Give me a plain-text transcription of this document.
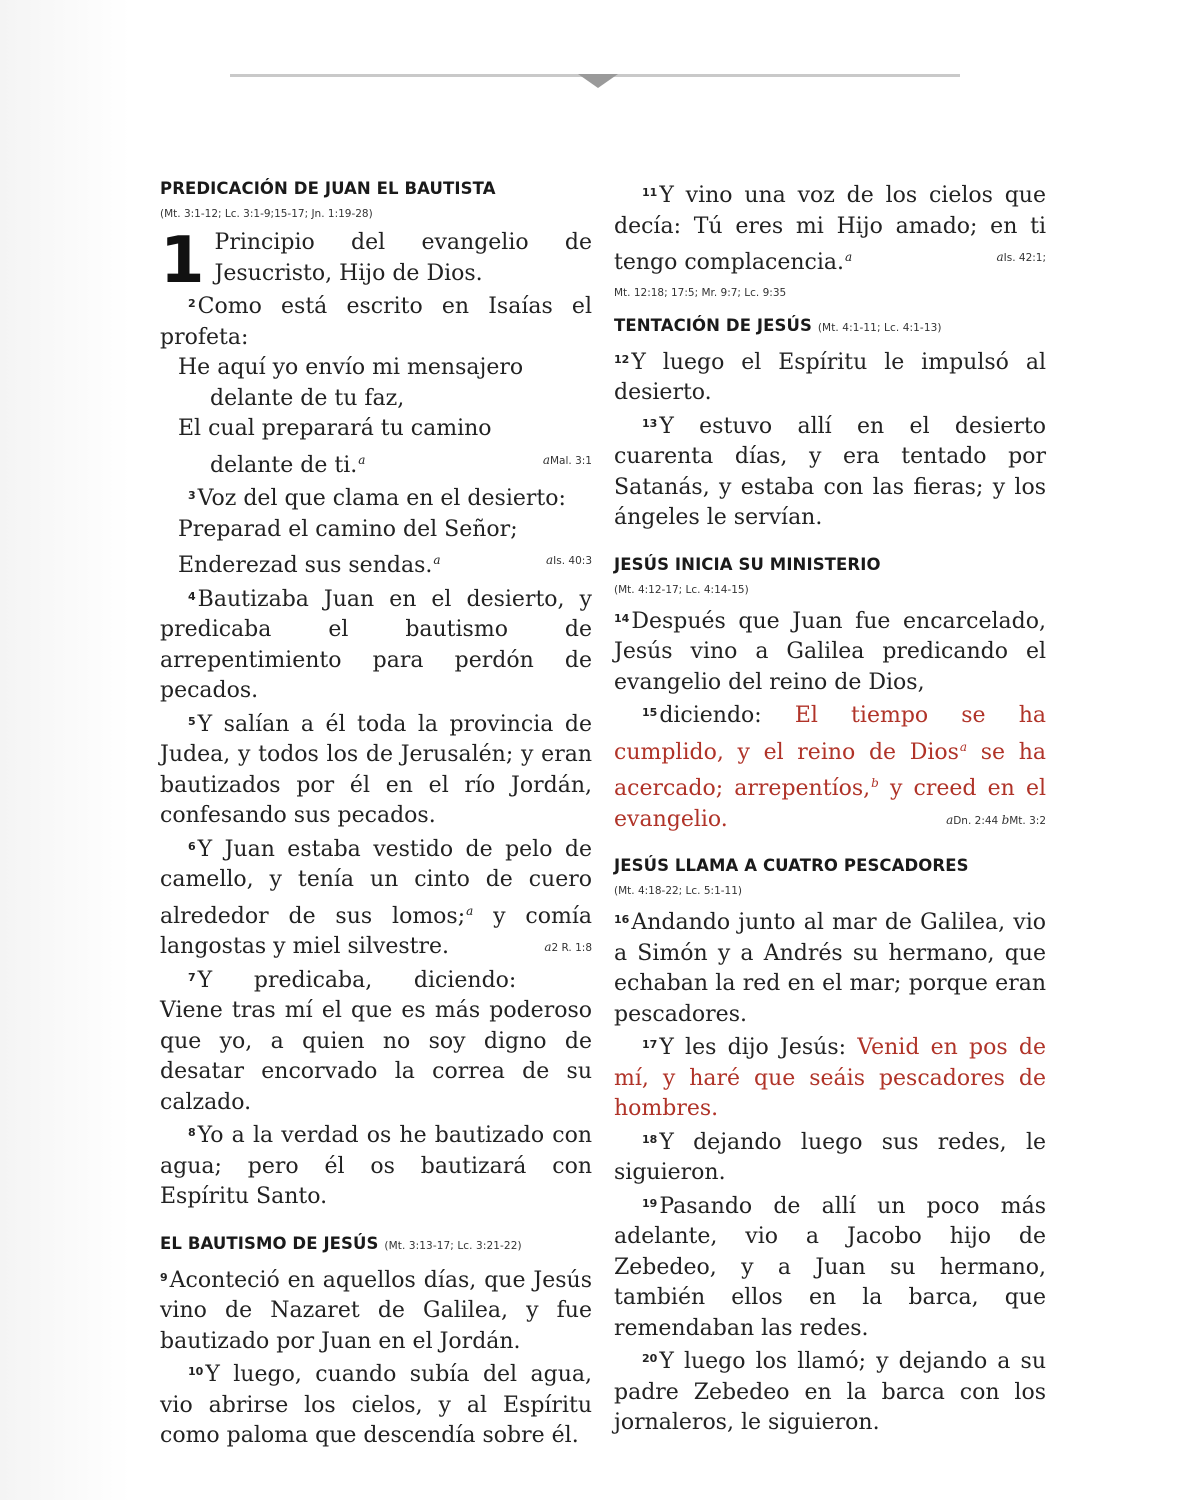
PREDICACIÓN DE JUAN EL BAUTISTA

(Mt. 3:1-12; Lc. 3:1-9;15-17; Jn. 1:19-28)

1 Principio del evangelio de Jesucristo, Hijo de Dios.

$^2$Como está escrito en Isaías el profeta:

He aquí yo envío mi mensajero

delante de tu faz,

El cual preparará tu camino

delante de ti.$^a$	aMal. 3:1

$^3$Voz del que clama en el desierto:

Preparad el camino del Señor;

Enderezad sus sendas.$^a$	aIs. 40:3

$^4$Bautizaba Juan en el desierto, y predicaba el bautismo de arrepentimiento para perdón de pecados.

$^5$Y salían a él toda la provincia de Judea, y todos los de Jerusalén; y eran bautizados por él en el río Jordán, confesando sus pecados.

$^6$Y Juan estaba vestido de pelo de camello, y tenía un cinto de cuero alrededor de sus lomos;$^a$ y comía langostas y miel silvestre.	a2 R. 1:8

$^7$Y predicaba, diciendo: Viene tras mí el que es más poderoso que yo, a quien no soy digno de desatar encorvado la correa de su calzado.

$^8$Yo a la verdad os he bautizado con agua; pero él os bautizará con Espíritu Santo.

EL BAUTISMO DE JESÚS (Mt. 3:13-17; Lc. 3:21-22)

$^9$Aconteció en aquellos días, que Jesús vino de Nazaret de Galilea, y fue bautizado por Juan en el Jordán.

$^{10}$Y luego, cuando subía del agua, vio abrirse los cielos, y al Espíritu como paloma que descendía sobre él.

$^{11}$Y vino una voz de los cielos que decía: Tú eres mi Hijo amado; en ti tengo complacencia.$^a$	aIs. 42:1;

Mt. 12:18; 17:5; Mr. 9:7; Lc. 9:35

TENTACIÓN DE JESÚS (Mt. 4:1-11; Lc. 4:1-13)

$^{12}$Y luego el Espíritu le impulsó al desierto.

$^{13}$Y estuvo allí en el desierto cuarenta días, y era tentado por Satanás, y estaba con las fieras; y los ángeles le servían.

JESÚS INICIA SU MINISTERIO

(Mt. 4:12-17; Lc. 4:14-15)

$^{14}$Después que Juan fue encarcelado, Jesús vino a Galilea predicando el evangelio del reino de Dios,

$^{15}$diciendo: El tiempo se ha cumplido, y el reino de Dios$^a$ se ha acercado; arrepentíos,$^b$ y creed en el evangelio.	aDn. 2:44 bMt. 3:2

JESÚS LLAMA A CUATRO PESCADORES

(Mt. 4:18-22; Lc. 5:1-11)

$^{16}$Andando junto al mar de Galilea, vio a Simón y a Andrés su hermano, que echaban la red en el mar; porque eran pescadores.

$^{17}$Y les dijo Jesús: Venid en pos de mí, y haré que seáis pescadores de hombres.

$^{18}$Y dejando luego sus redes, le siguieron.

$^{19}$Pasando de allí un poco más adelante, vio a Jacobo hijo de Zebedeo, y a Juan su hermano, también ellos en la barca, que remendaban las redes.

$^{20}$Y luego los llamó; y dejando a su padre Zebedeo en la barca con los jornaleros, le siguieron.
